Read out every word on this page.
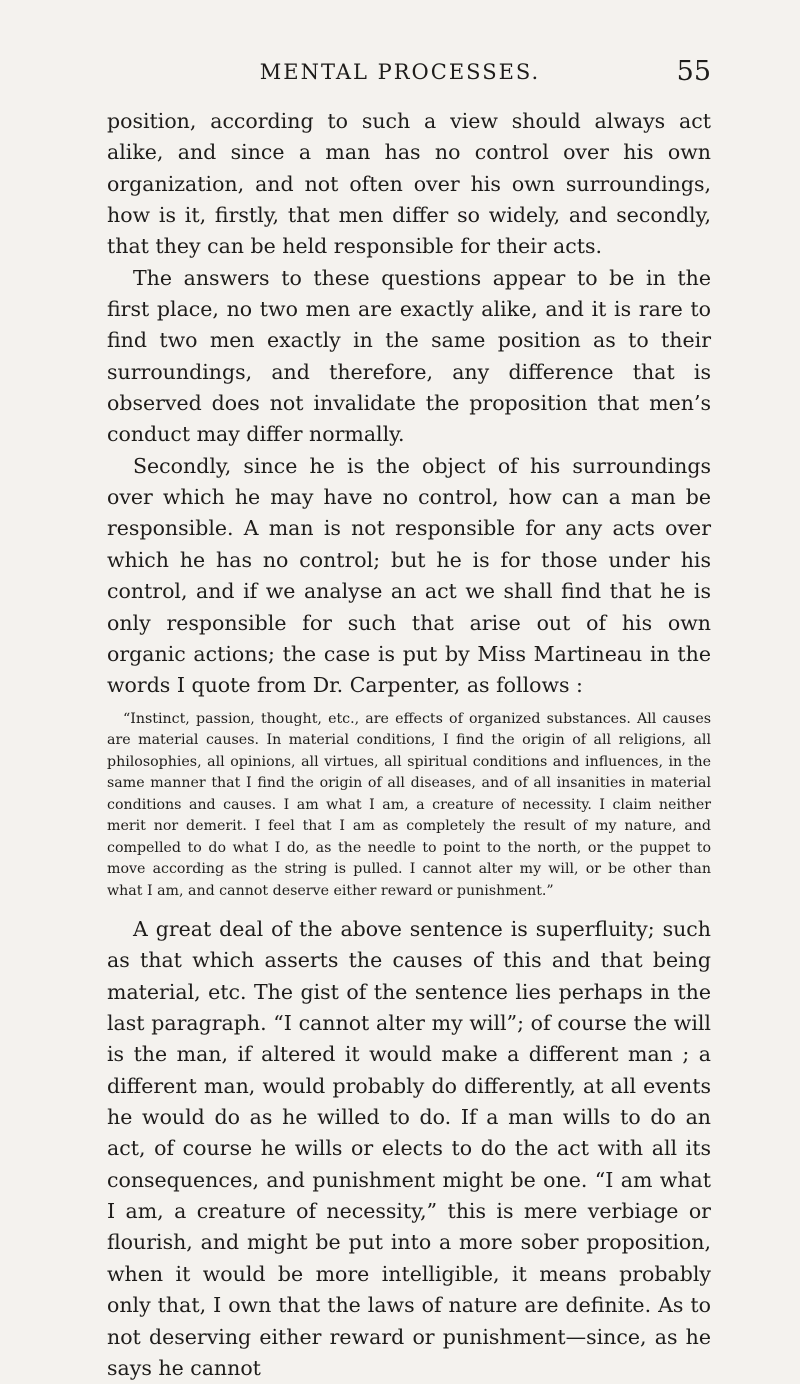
MENTAL PROCESSES.	55

position, according to such a view should always act alike, and since a man has no control over his own organization, and not often over his own surroundings, how is it, firstly, that men differ so widely, and secondly, that they can be held responsible for their acts.

The answers to these questions appear to be in the first place, no two men are exactly alike, and it is rare to find two men exactly in the same position as to their surroundings, and therefore, any difference that is observed does not invalidate the proposition that men’s conduct may differ normally.

Secondly, since he is the object of his surroundings over which he may have no control, how can a man be responsible. A man is not responsible for any acts over which he has no control; but he is for those under his control, and if we analyse an act we shall find that he is only responsible for such that arise out of his own organic actions; the case is put by Miss Martineau in the words I quote from Dr. Carpenter, as follows :

“Instinct, passion, thought, etc., are effects of organized substances. All causes are material causes. In material conditions, I find the origin of all religions, all philosophies, all opinions, all virtues, all spiritual conditions and influences, in the same manner that I find the origin of all diseases, and of all insanities in material conditions and causes. I am what I am, a creature of necessity. I claim neither merit nor demerit. I feel that I am as completely the result of my nature, and compelled to do what I do, as the needle to point to the north, or the puppet to move according as the string is pulled. I cannot alter my will, or be other than what I am, and cannot deserve either reward or punishment.”

A great deal of the above sentence is superfluity; such as that which asserts the causes of this and that being material, etc. The gist of the sentence lies perhaps in the last paragraph. “I cannot alter my will”; of course the will is the man, if altered it would make a different man ; a different man, would probably do differently, at all events he would do as he willed to do. If a man wills to do an act, of course he wills or elects to do the act with all its consequences, and punishment might be one. “I am what I am, a creature of necessity,” this is mere verbiage or flourish, and might be put into a more sober proposition, when it would be more intelligible, it means probably only that, I own that the laws of nature are definite. As to not deserving either reward or punishment—since, as he says he cannot
